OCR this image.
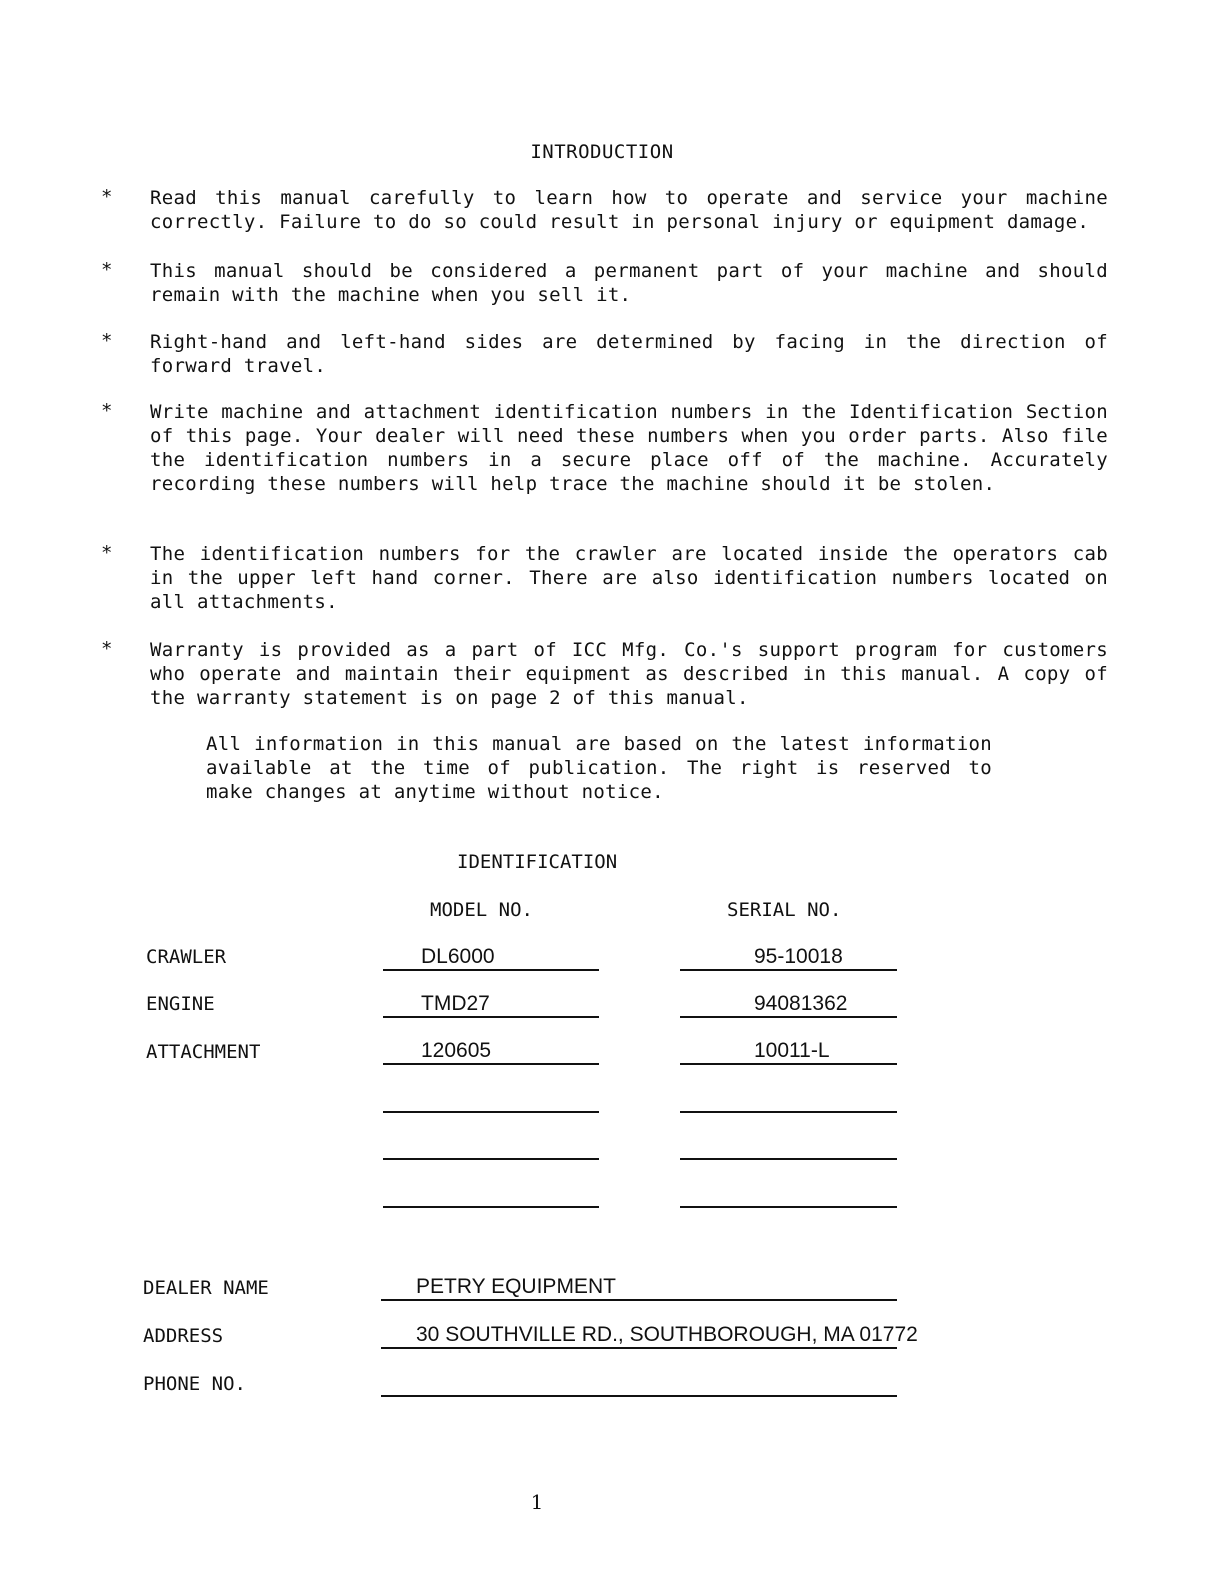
INTRODUCTION
*	Read this manual carefully to learn how to operate and service your machine correctly. Failure to do so could result in personal injury or equipment damage.
*	This manual should be considered a permanent part of your machine and should remain with the machine when you sell it.
*	Right-hand and left-hand sides are determined by facing in the direction of forward travel.
*	Write machine and attachment identification numbers in the Identification Section of this page. Your dealer will need these numbers when you order parts. Also file the identification numbers in a secure place off of the machine. Accurately recording these numbers will help trace the machine should it be stolen.
*	The identification numbers for the crawler are located inside the operators cab in the upper left hand corner. There are also identification numbers located on all attachments.
*	Warranty is provided as a part of ICC Mfg. Co.'s support program for customers who operate and maintain their equipment as described in this manual. A copy of the warranty statement is on page 2 of this manual.
All information in this manual are based on the latest information available at the time of publication. The right is reserved to make changes at anytime without notice.
IDENTIFICATION
MODEL NO.	SERIAL NO.
CRAWLER	DL6000	95-10018
ENGINE	TMD27	94081362
ATTACHMENT	120605	10011-L
DEALER NAME	PETRY EQUIPMENT
ADDRESS	30 SOUTHVILLE RD., SOUTHBOROUGH, MA 01772
PHONE NO.
1
